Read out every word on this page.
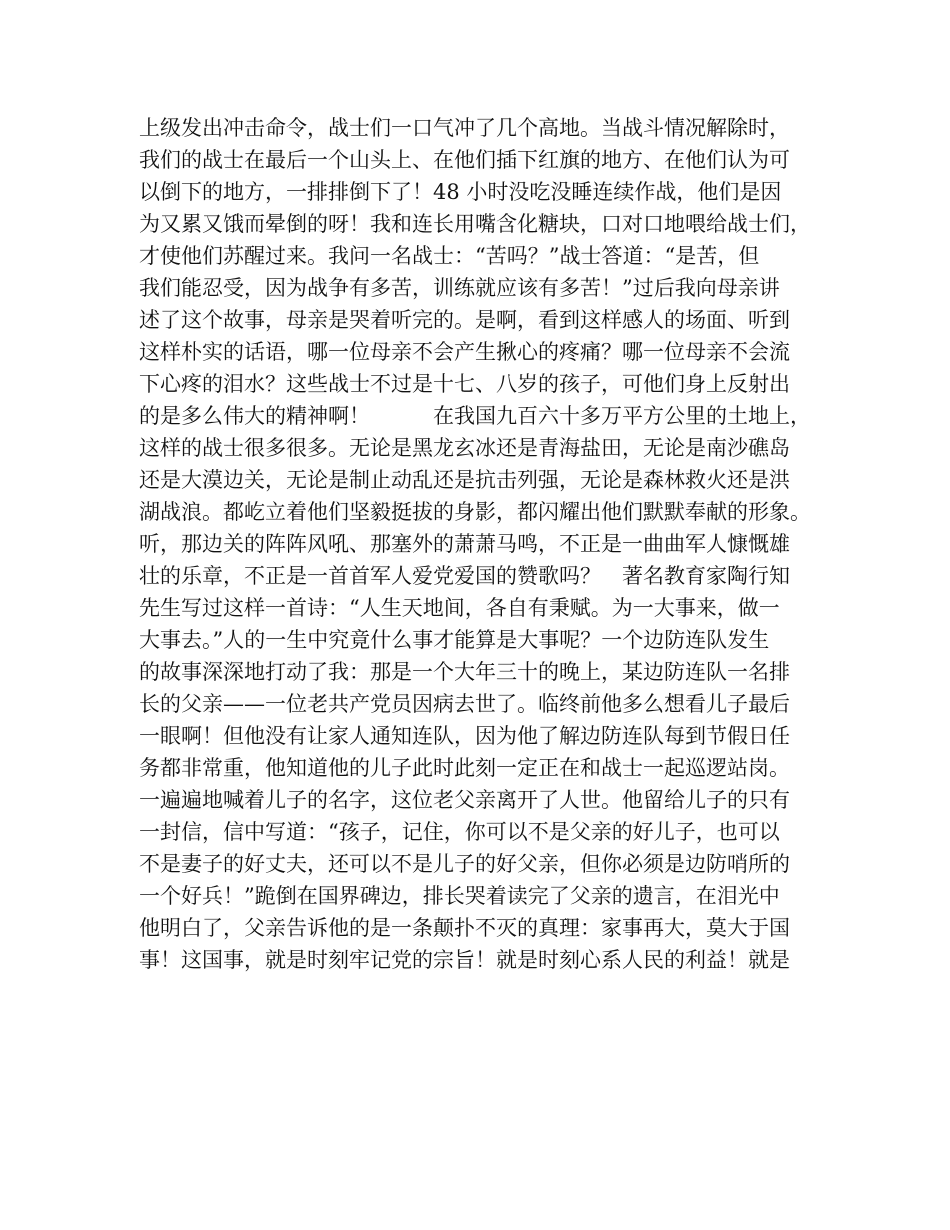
上级发出冲击命令，战士们一口气冲了几个高地。当战斗情况解除时，
我们的战士在最后一个山头上、在他们插下红旗的地方、在他们认为可
以倒下的地方，一排排倒下了！48 小时没吃没睡连续作战，他们是因
为又累又饿而晕倒的呀！我和连长用嘴含化糖块，口对口地喂给战士们，
才使他们苏醒过来。我问一名战士：“苦吗？”战士答道：“是苦，但
我们能忍受，因为战争有多苦，训练就应该有多苦！”过后我向母亲讲
述了这个故事，母亲是哭着听完的。是啊，看到这样感人的场面、听到
这样朴实的话语，哪一位母亲不会产生揪心的疼痛？哪一位母亲不会流
下心疼的泪水？这些战士不过是十七、八岁的孩子，可他们身上反射出
的是多么伟大的精神啊！　　　在我国九百六十多万平方公里的土地上，
这样的战士很多很多。无论是黑龙玄冰还是青海盐田，无论是南沙礁岛
还是大漠边关，无论是制止动乱还是抗击列强，无论是森林救火还是洪
湖战浪。都屹立着他们坚毅挺拔的身影，都闪耀出他们默默奉献的形象。
听，那边关的阵阵风吼、那塞外的萧萧马鸣，不正是一曲曲军人慷慨雄
壮的乐章，不正是一首首军人爱党爱国的赞歌吗？　著名教育家陶行知
先生写过这样一首诗：“人生天地间，各自有秉赋。为一大事来，做一
大事去。”人的一生中究竟什么事才能算是大事呢？一个边防连队发生
的故事深深地打动了我：那是一个大年三十的晚上，某边防连队一名排
长的父亲——一位老共产党员因病去世了。临终前他多么想看儿子最后
一眼啊！但他没有让家人通知连队，因为他了解边防连队每到节假日任
务都非常重，他知道他的儿子此时此刻一定正在和战士一起巡逻站岗。
一遍遍地喊着儿子的名字，这位老父亲离开了人世。他留给儿子的只有
一封信，信中写道：“孩子，记住，你可以不是父亲的好儿子，也可以
不是妻子的好丈夫，还可以不是儿子的好父亲，但你必须是边防哨所的
一个好兵！”跪倒在国界碑边，排长哭着读完了父亲的遗言，在泪光中
他明白了，父亲告诉他的是一条颠扑不灭的真理：家事再大，莫大于国
事！这国事，就是时刻牢记党的宗旨！就是时刻心系人民的利益！就是
